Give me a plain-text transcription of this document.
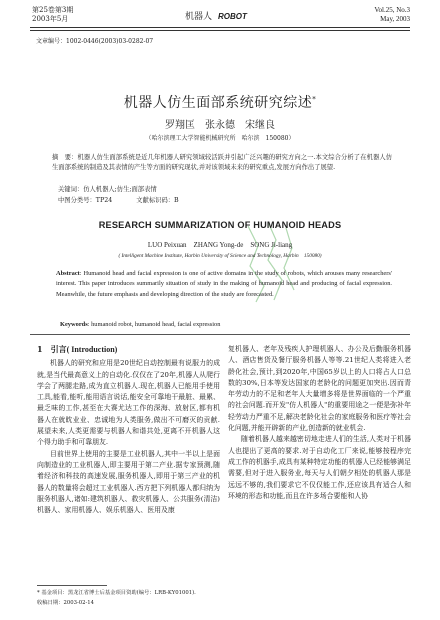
第25卷第3期
2003年5月	机器人 ROBOT
Vol.25, No.3
May, 2003
文章编号：1002-0446(2003)03-0282-07
机器人仿生面部系统研究综述*
罗翔匡　张永德　宋继良
（哈尔滨理工大学智能机械研究所　哈尔滨　150080）
摘　要：机器人仿生面部系统是近几年机器人研究领域较活跃并引起广泛兴趣的研究方向之一.本文综合分析了在机器人仿生面部系统的制造及其表情的产生等方面的研究现状,并对该领域未来的研究重点,发展方向作出了展望.
关键词：仿人机器人;仿生;面部表情
中图分类号：TP24	文献标识码：B
RESEARCH SUMMARIZATION OF HUMANOID HEADS
LUO Peixuan　ZHANG Yong-de　SONG Ji-liang
( Intelligent Machine Institute, Harbin University of Science and Technology, Harbin　150080)
Abstract: Humanoid head and facial expression is one of active domains in the study of robots, which arouses many researchers' interest. This paper introduces summarily situation of study in the making of humanoid head and producing of facial expression. Meanwhile, the future emphasis and developing direction of the study are forecasted.
Keywords: humanoid robot, humanoid head, facial expression
1　引言( Introduction)

机器人的研究和应用是20世纪自动控制最有说服力的成就,是当代最高意义上的自动化.仅仅在了20年,机器人从爬行学会了两腿走路,成为直立机器人.现在,机器人已能用手使用工具,能看,能听,能用语言说话,能安全可靠地干最脏、最累、最乏味的工作,甚至在大赛尤达工作的深海、放射区,都有机器人在就眈业业、忠诚地为人类服务,做出不可磨灭的贡献.展望未来,人类更需要与机器人和谐共处,更离不开机器人这个得力助手和可靠朋友.

目前世界上使用的主要是工业机器人,其中一半以上是面向制造业的工业机器人,即主要用于第二产业.据专家预测,随着经济和科技的高速发展,服务机器人,即用于第三产业的机器人的数量将会超过工业机器人.西方把下列机器人都归纳为服务机器人,诸如:建筑机器人、救灾机器人、公共服务(清洁)机器人、家用机器人、娱乐机器人、医用及康

复机器人、老年及残疾人护理机器人、办公及后勤服务机器人、酒店售货及餐厅服务机器人等等.21世纪人类将进入老龄化社会,预计,到2020年,中国65岁以上的人口将占人口总数的30%,日本等发达国家的老龄化的问题更加突出.因而青年劳动力的不足和老年人大量增多将是世界面临的一个严重的社会问题.而开发"仿人机器人"的重要用途之一便是弥补年轻劳动力严重不足,解决老龄化社会的家庭服务和医疗等社会化问题,并能开辟新的产业,创造新的就业机会.

随着机器人越来越密切地走进人们的生活,人类对于机器人也提出了更高的要求.对于自动化工厂来说,能够按程序完成工作的机器手,成具有某种特定功能的机器人已经能够满足需要,但对于进入服务业,每天与人们朝夕相处的机器人那是远远不够的,我们要求它不仅仅能工作,还应该具有适合人和环境的形态和功能,而且在许多场合要能和人协

* 基金项目：黑龙江省博士后基金项目资助(编号：LRB-KY01001).
收稿日期：2003-02-14
